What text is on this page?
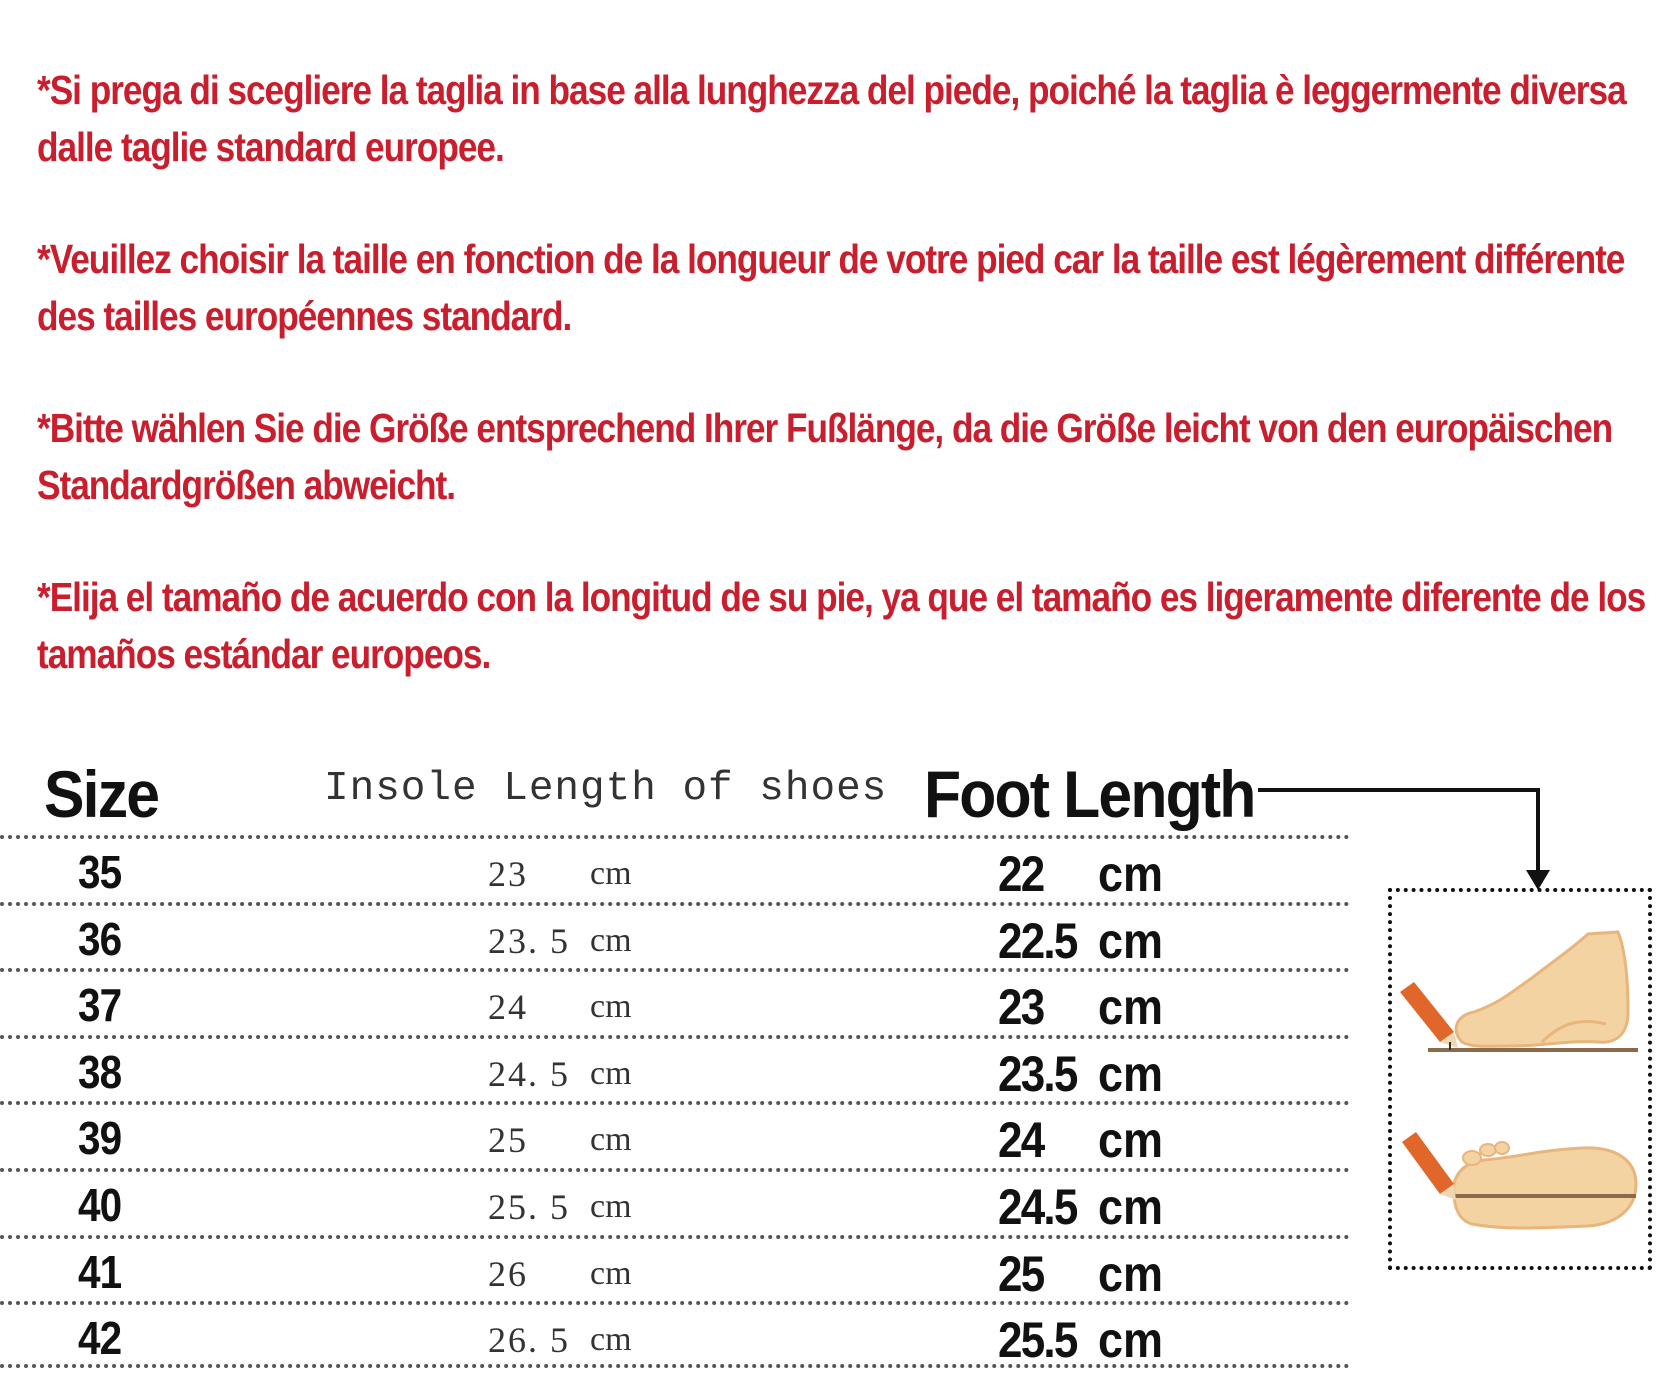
*Si prega di scegliere la taglia in base alla lunghezza del piede, poiché la taglia è leggermente diversa dalle taglie standard europee.
*Veuillez choisir la taille en fonction de la longueur de votre pied car la taille est légèrement différente des tailles européennes standard.
*Bitte wählen Sie die Größe entsprechend Ihrer Fußlänge, da die Größe leicht von den europäischen Standardgrößen abweicht.
*Elija el tamaño de acuerdo con la longitud de su pie, ya que el tamaño es ligeramente diferente de los tamaños estándar europeos.
Size	Insole Length of shoes Foot Length
35	23 cm	22 cm
36	23. 5 cm	22.5 cm
37	24 cm	23 cm
38	24. 5 cm	23.5 cm
39	25 cm	24 cm
40	25. 5 cm	24.5 cm
41	26 cm	25 cm
42	26. 5 cm	25.5 cm
